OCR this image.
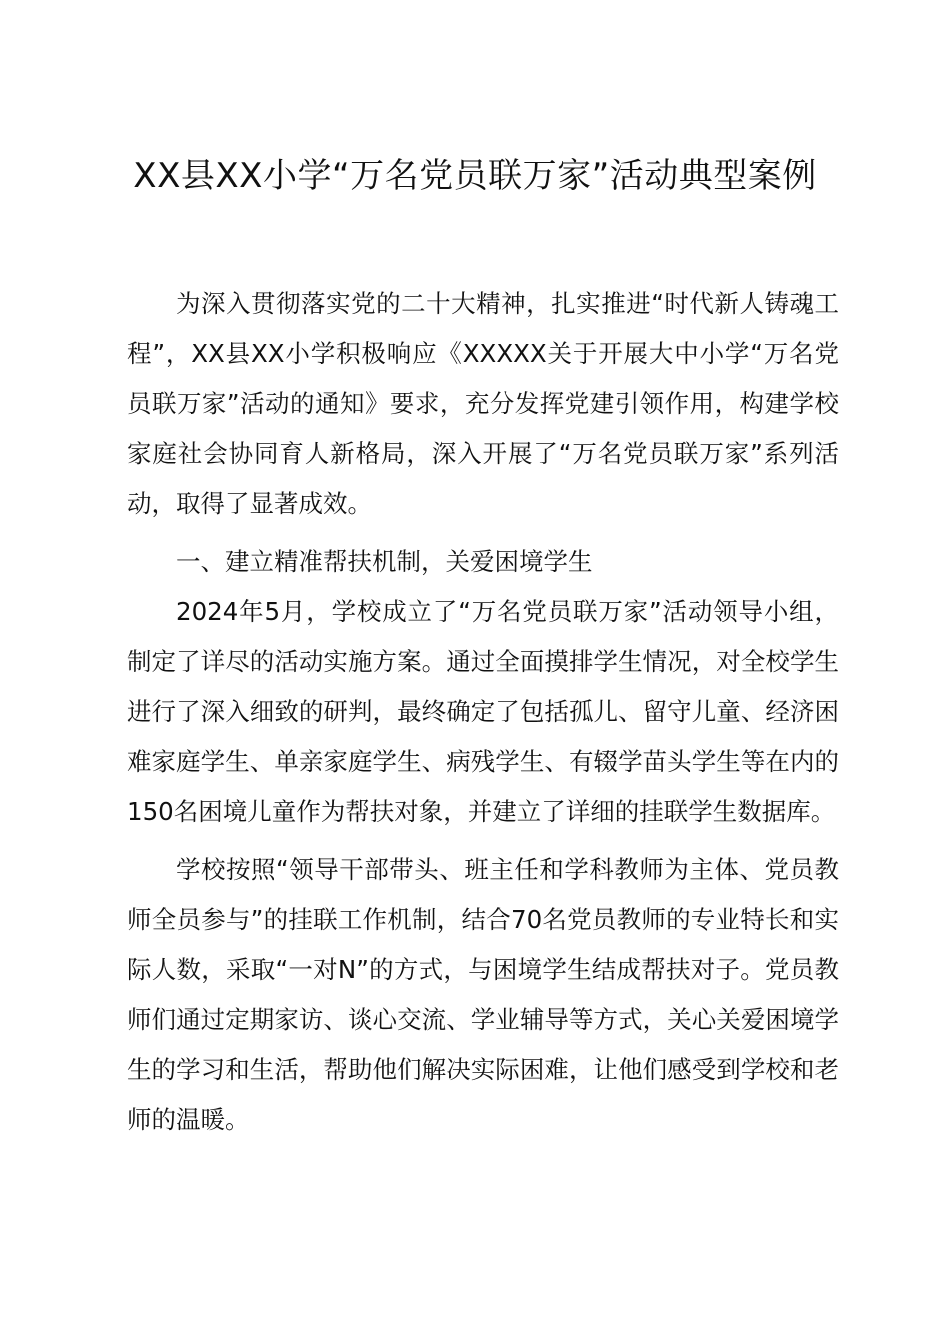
XX县XX小学“万名党员联万家”活动典型案例

为深入贯彻落实党的二十大精神，扎实推进“时代新人铸魂工程”，XX县XX小学积极响应《XXXXX关于开展大中小学“万名党员联万家”活动的通知》要求，充分发挥党建引领作用，构建学校家庭社会协同育人新格局，深入开展了“万名党员联万家”系列活动，取得了显著成效。

一、建立精准帮扶机制，关爱困境学生

2024年5月，学校成立了“万名党员联万家”活动领导小组，制定了详尽的活动实施方案。通过全面摸排学生情况，对全校学生进行了深入细致的研判，最终确定了包括孤儿、留守儿童、经济困难家庭学生、单亲家庭学生、病残学生、有辍学苗头学生等在内的150名困境儿童作为帮扶对象，并建立了详细的挂联学生数据库。

学校按照“领导干部带头、班主任和学科教师为主体、党员教师全员参与”的挂联工作机制，结合70名党员教师的专业特长和实际人数，采取“一对N”的方式，与困境学生结成帮扶对子。党员教师们通过定期家访、谈心交流、学业辅导等方式，关心关爱困境学生的学习和生活，帮助他们解决实际困难，让他们感受到学校和老师的温暖。
